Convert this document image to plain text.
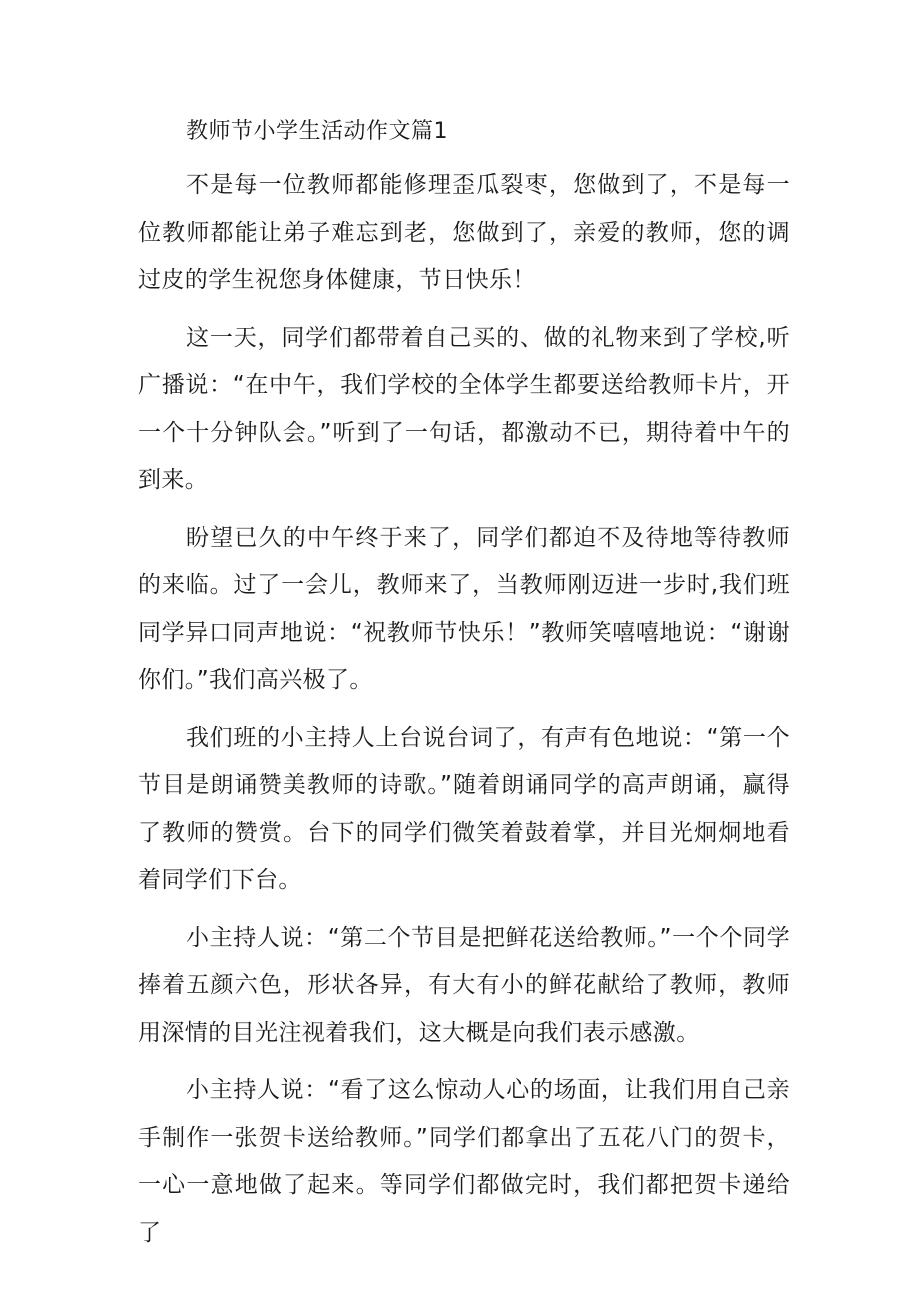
教师节小学生活动作文篇1

不是每一位教师都能修理歪瓜裂枣，您做到了，不是每一位教师都能让弟子难忘到老，您做到了，亲爱的教师，您的调过皮的学生祝您身体健康，节日快乐！

这一天，同学们都带着自己买的、做的礼物来到了学校,听广播说：“在中午，我们学校的全体学生都要送给教师卡片，开一个十分钟队会。”听到了一句话，都激动不已，期待着中午的到来。

盼望已久的中午终于来了，同学们都迫不及待地等待教师的来临。过了一会儿，教师来了，当教师刚迈进一步时,我们班同学异口同声地说：“祝教师节快乐！”教师笑嘻嘻地说：“谢谢你们。”我们高兴极了。

我们班的小主持人上台说台词了，有声有色地说：“第一个节目是朗诵赞美教师的诗歌。”随着朗诵同学的高声朗诵，赢得了教师的赞赏。台下的同学们微笑着鼓着掌，并目光炯炯地看着同学们下台。

小主持人说：“第二个节目是把鲜花送给教师。”一个个同学捧着五颜六色，形状各异，有大有小的鲜花献给了教师，教师用深情的目光注视着我们，这大概是向我们表示感激。

小主持人说：“看了这么惊动人心的场面，让我们用自己亲手制作一张贺卡送给教师。”同学们都拿出了五花八门的贺卡，一心一意地做了起来。等同学们都做完时，我们都把贺卡递给了
